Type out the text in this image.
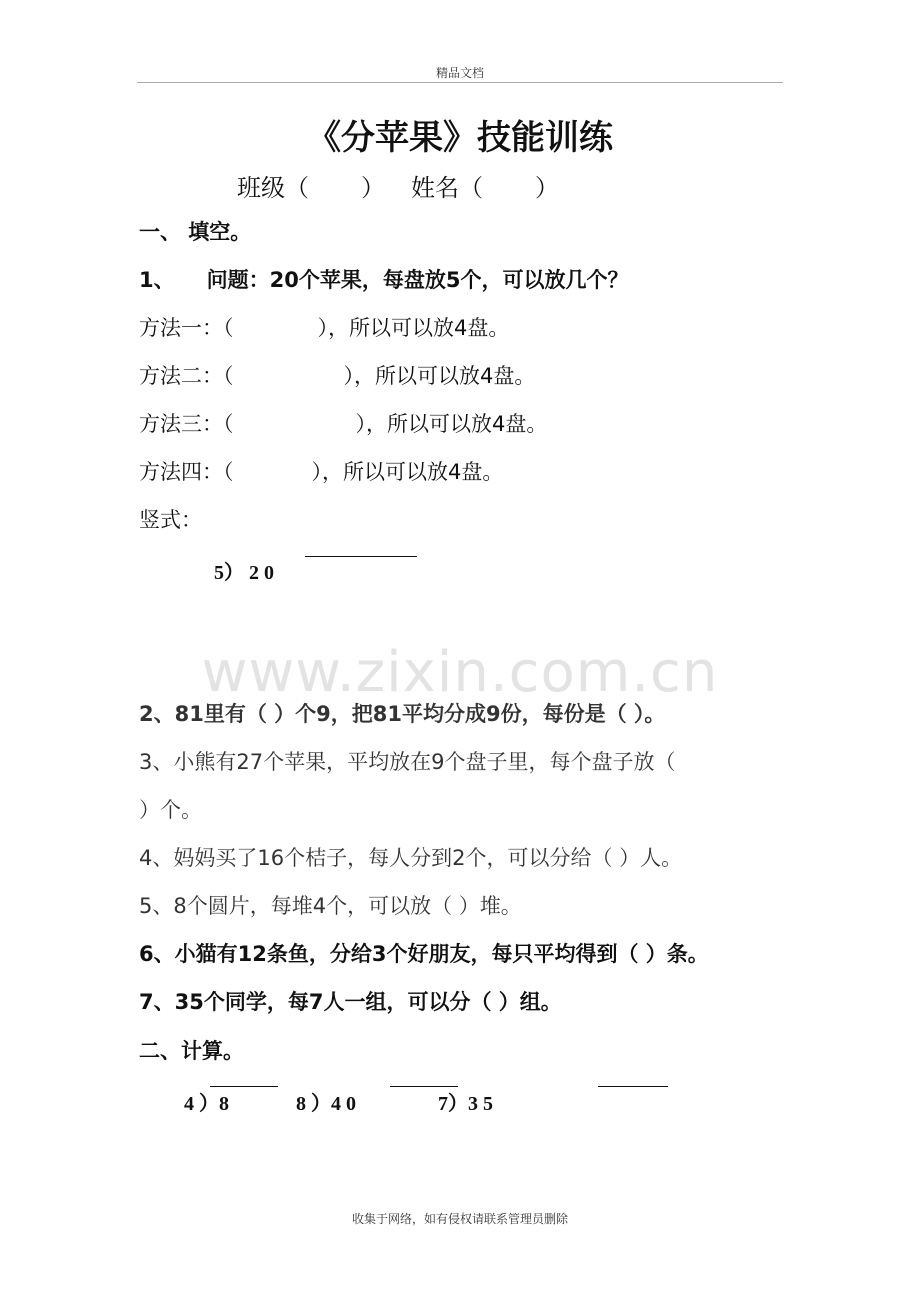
精品文档
《分苹果》技能训练
班级（ ） 姓名（ ）
一、 填空。
1、 问题：20个苹果，每盘放5个，可以放几个？
方法一：（	），所以可以放4盘。
方法二：（	），所以可以放4盘。
方法三：（	），所以可以放4盘。
方法四：（	），所以可以放4盘。
竖式：
5） 2 0
www.zixin.com.cn
2、81里有（ ）个9，把81平均分成9份，每份是（ ）。
3、小熊有27个苹果，平均放在9个盘子里，每个盘子放（
）个。
4、妈妈买了16个桔子，每人分到2个，可以分给（ ）人。
5、8个圆片，每堆4个，可以放（ ）堆。
6、小猫有12条鱼，分给3个好朋友，每只平均得到（ ）条。
7、35个同学，每7人一组，可以分（ ）组。
二、计算。
4 ）8	8 ）4 0	7）3 5
收集于网络，如有侵权请联系管理员删除
